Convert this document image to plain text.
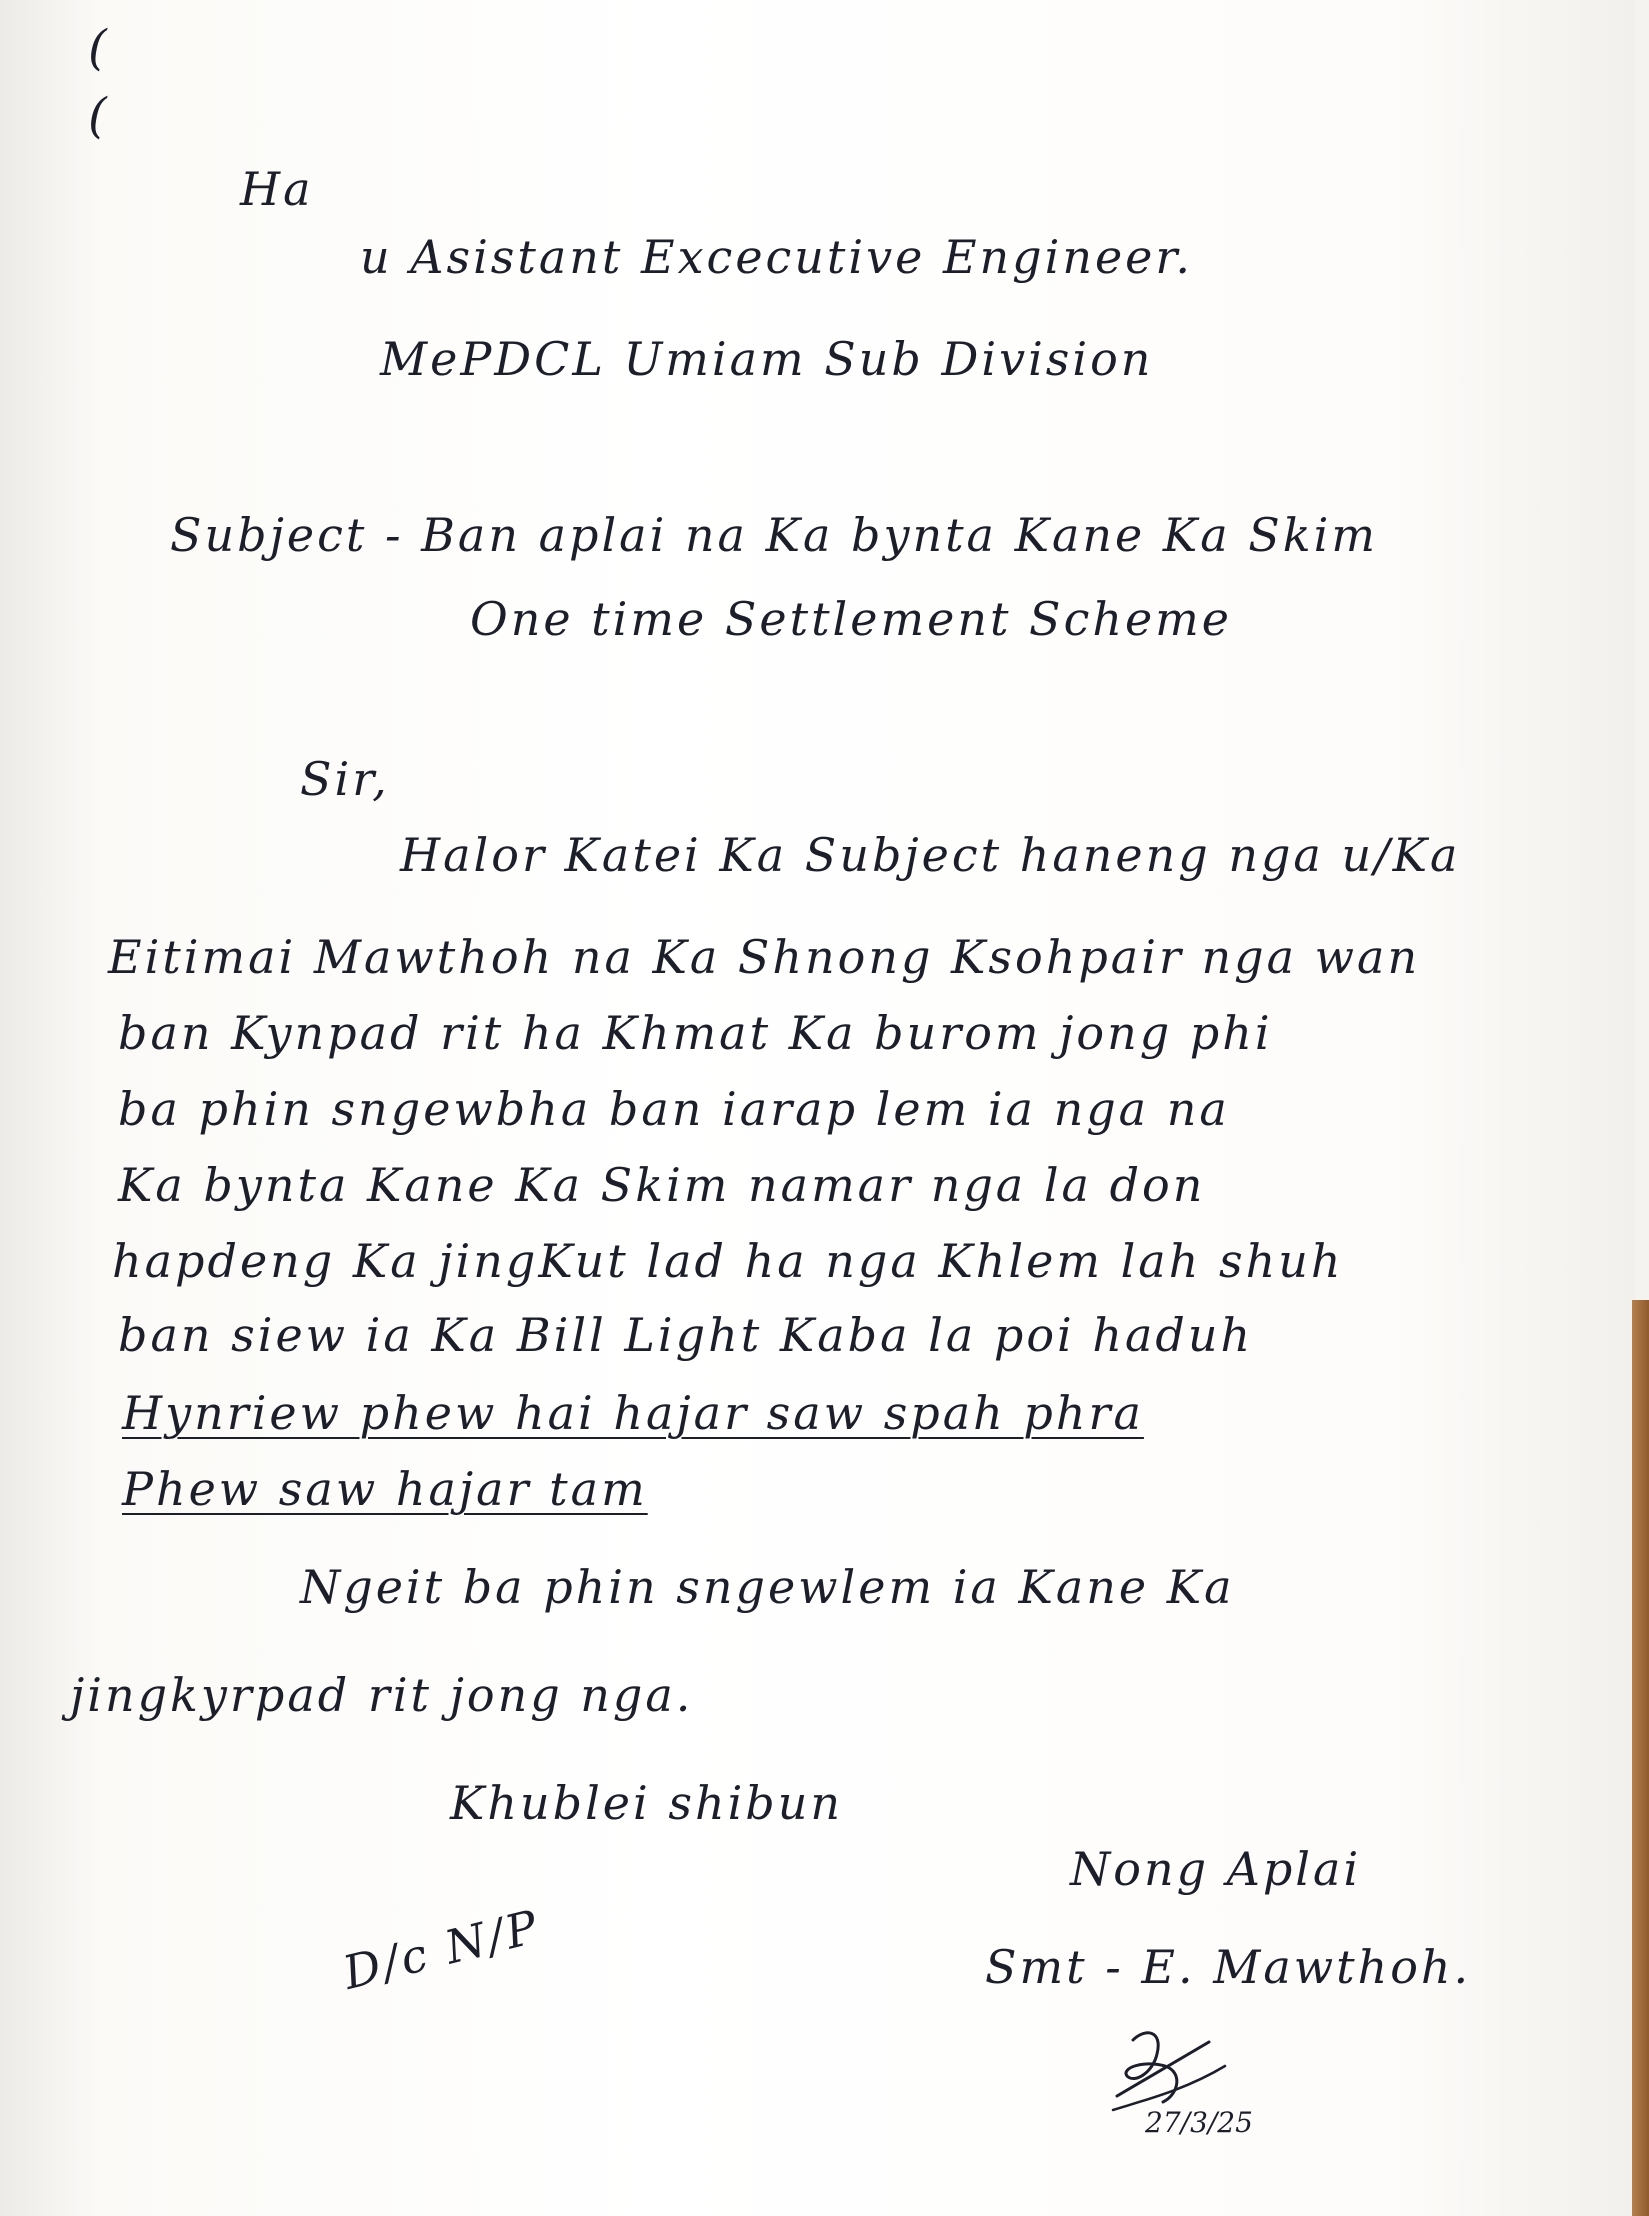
(
(
Ha
u Asistant Excecutive Engineer.
MePDCL Umiam Sub Division
Subject - Ban aplai na Ka bynta Kane Ka Skim
One time Settlement Scheme
Sir,
Halor Katei Ka Subject haneng nga u/Ka
Eitimai Mawthoh na Ka Shnong Ksohpair nga wan
ban Kynpad rit ha Khmat Ka burom jong phi
ba phin sngewbha ban iarap lem ia nga na
Ka bynta Kane Ka Skim namar nga la don
hapdeng Ka jingKut lad ha nga Khlem lah shuh
ban siew ia Ka Bill Light Kaba la poi haduh
Hynriew phew hai hajar saw spah phra
Phew saw hajar tam
Ngeit ba phin sngewlem ia Kane Ka
jingkyrpad rit jong nga.
Khublei shibun
Nong Aplai
Smt - E. Mawthoh.
D/c N/P
27/3/25
